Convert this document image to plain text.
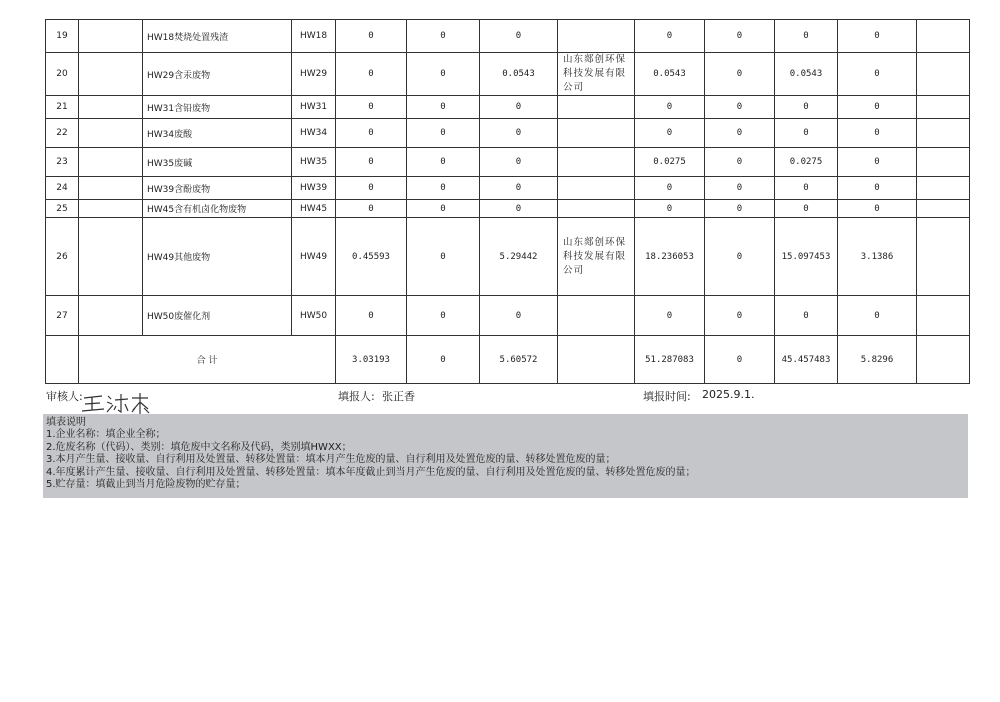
19		HW18焚烧处置残渣	HW18	0	0	0		0	0	0	0	
20		HW29含汞废物	HW29	0	0	0.0543	山东郯创环保科技发展有限公司	0.0543	0	0.0543	0	
21		HW31含铅废物	HW31	0	0	0		0	0	0	0	
22		HW34废酸	HW34	0	0	0		0	0	0	0	
23		HW35废碱	HW35	0	0	0		0.0275	0	0.0275	0	
24		HW39含酚废物	HW39	0	0	0		0	0	0	0	
25		HW45含有机卤化物废物	HW45	0	0	0		0	0	0	0	
26		HW49其他废物	HW49	0.45593	0	5.29442	山东郯创环保科技发展有限公司	18.236053	0	15.097453	3.1386	
27		HW50废催化剂	HW50	0	0	0		0	0	0	0	
	合 计			3.03193	0	5.60572		51.287083	0	45.457483	5.8296	
审核人:	填报人: 张正香	填报时间: 2025.9.1.
填表说明
1.企业名称：填企业全称；
2.危废名称（代码）、类别：填危废中文名称及代码，类别填HWXX；
3.本月产生量、接收量、自行利用及处置量、转移处置量：填本月产生危废的量、自行利用及处置危废的量、转移处置危废的量；
4.年度累计产生量、接收量、自行利用及处置量、转移处置量：填本年度截止到当月产生危废的量、自行利用及处置危废的量、转移处置危废的量；
5.贮存量：填截止到当月危险废物的贮存量；
